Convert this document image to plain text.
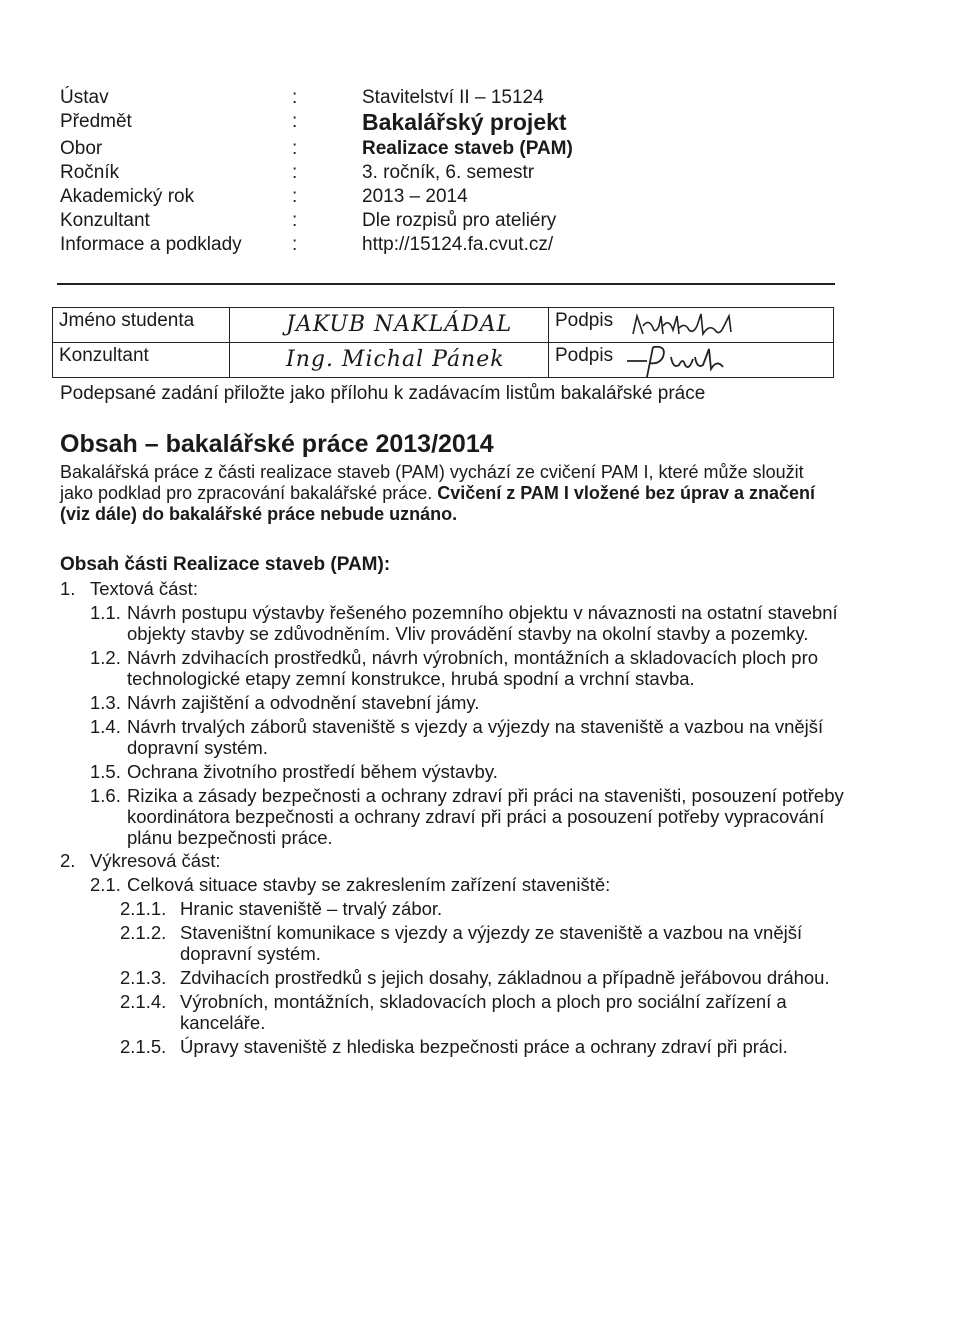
Ústav	:	Stavitelství II – 15124
Předmět	:	Bakalářský projekt
Obor	:	Realizace staveb (PAM)
Ročník	:	3. ročník, 6. semestr
Akademický rok	:	2013 – 2014
Konzultant	:	Dle rozpisů pro ateliéry
Informace a podklady	:	http://15124.fa.cvut.cz/
Jméno studenta	JAKUB NAKLÁDAL Podpis
Konzultant	Ing. Michal Pánek	Podpis
Podepsané zadání přiložte jako přílohu k zadávacím listům bakalářské práce
Obsah – bakalářské práce 2013/2014
Bakalářská práce z části realizace staveb (PAM) vychází ze cvičení PAM I, které může sloužit jako podklad pro zpracování bakalářské práce. Cvičení z PAM I vložené bez úprav a značení (viz dále) do bakalářské práce nebude uznáno.
Obsah části Realizace staveb (PAM):
1. Textová část:
1.1. Návrh postupu výstavby řešeného pozemního objektu v návaznosti na ostatní stavební objekty stavby se zdůvodněním. Vliv provádění stavby na okolní stavby a pozemky.
1.2. Návrh zdvihacích prostředků, návrh výrobních, montážních a skladovacích ploch pro technologické etapy zemní konstrukce, hrubá spodní a vrchní stavba.
1.3. Návrh zajištění a odvodnění stavební jámy.
1.4. Návrh trvalých záborů staveniště s vjezdy a výjezdy na staveniště a vazbou na vnější dopravní systém.
1.5. Ochrana životního prostředí během výstavby.
1.6. Rizika a zásady bezpečnosti a ochrany zdraví při práci na staveništi, posouzení potřeby koordinátora bezpečnosti a ochrany zdraví při práci a posouzení potřeby vypracování plánu bezpečnosti práce.
2. Výkresová část:
2.1. Celková situace stavby se zakreslením zařízení staveniště:
2.1.1. Hranic staveniště – trvalý zábor.
2.1.2. Staveništní komunikace s vjezdy a výjezdy ze staveniště a vazbou na vnější dopravní systém.
2.1.3. Zdvihacích prostředků s jejich dosahy, základnou a případně jeřábovou dráhou.
2.1.4. Výrobních, montážních, skladovacích ploch a ploch pro sociální zařízení a kanceláře.
2.1.5. Úpravy staveniště z hlediska bezpečnosti práce a ochrany zdraví při práci.
